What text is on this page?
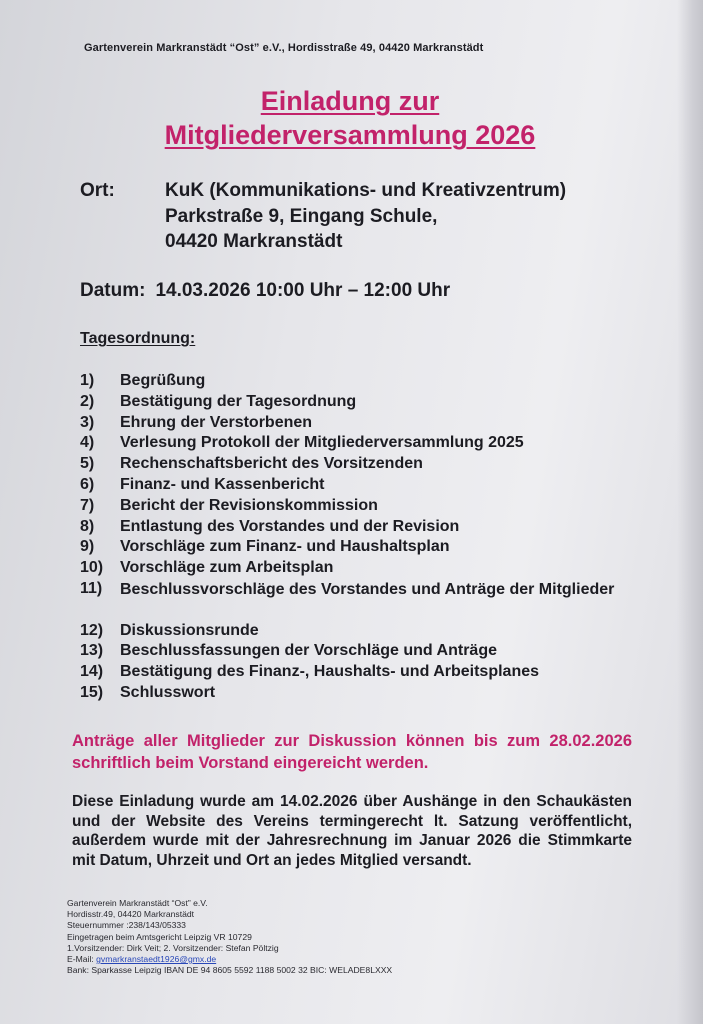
Gartenverein Markranstädt “Ost” e.V., Hordisstraße 49, 04420 Markranstädt
Einladung zur
Mitgliederversammlung 2026
Ort:	KuK (Kommunikations- und Kreativzentrum)
Parkstraße 9, Eingang Schule,
04420 Markranstädt
Datum: 14.03.2026 10:00 Uhr – 12:00 Uhr
Tagesordnung:
1) Begrüßung
2) Bestätigung der Tagesordnung
3) Ehrung der Verstorbenen
4) Verlesung Protokoll der Mitgliederversammlung 2025
5) Rechenschaftsbericht des Vorsitzenden
6) Finanz- und Kassenbericht
7) Bericht der Revisionskommission
8) Entlastung des Vorstandes und der Revision
9) Vorschläge zum Finanz- und Haushaltsplan
10) Vorschläge zum Arbeitsplan
11) Beschlussvorschläge des Vorstandes und Anträge der Mitglieder
12) Diskussionsrunde
13) Beschlussfassungen der Vorschläge und Anträge
14) Bestätigung des Finanz-, Haushalts- und Arbeitsplanes
15) Schlusswort
Anträge aller Mitglieder zur Diskussion können bis zum 28.02.2026 schriftlich beim Vorstand eingereicht werden.
Diese Einladung wurde am 14.02.2026 über Aushänge in den Schaukästen und der Website des Vereins termingerecht lt. Satzung veröffentlicht, außerdem wurde mit der Jahresrechnung im Januar 2026 die Stimmkarte mit Datum, Uhrzeit und Ort an jedes Mitglied versandt.
Gartenverein Markranstädt “Ost” e.V.
Hordisstr.49, 04420 Markranstädt
Steuernummer :238/143/05333
Eingetragen beim Amtsgericht Leipzig VR 10729
1.Vorsitzender: Dirk Veit; 2. Vorsitzender: Stefan Pöltzig
E-Mail: gvmarkranstaedt1926@gmx.de
Bank: Sparkasse Leipzig IBAN DE 94 8605 5592 1188 5002 32 BIC: WELADE8LXXX
